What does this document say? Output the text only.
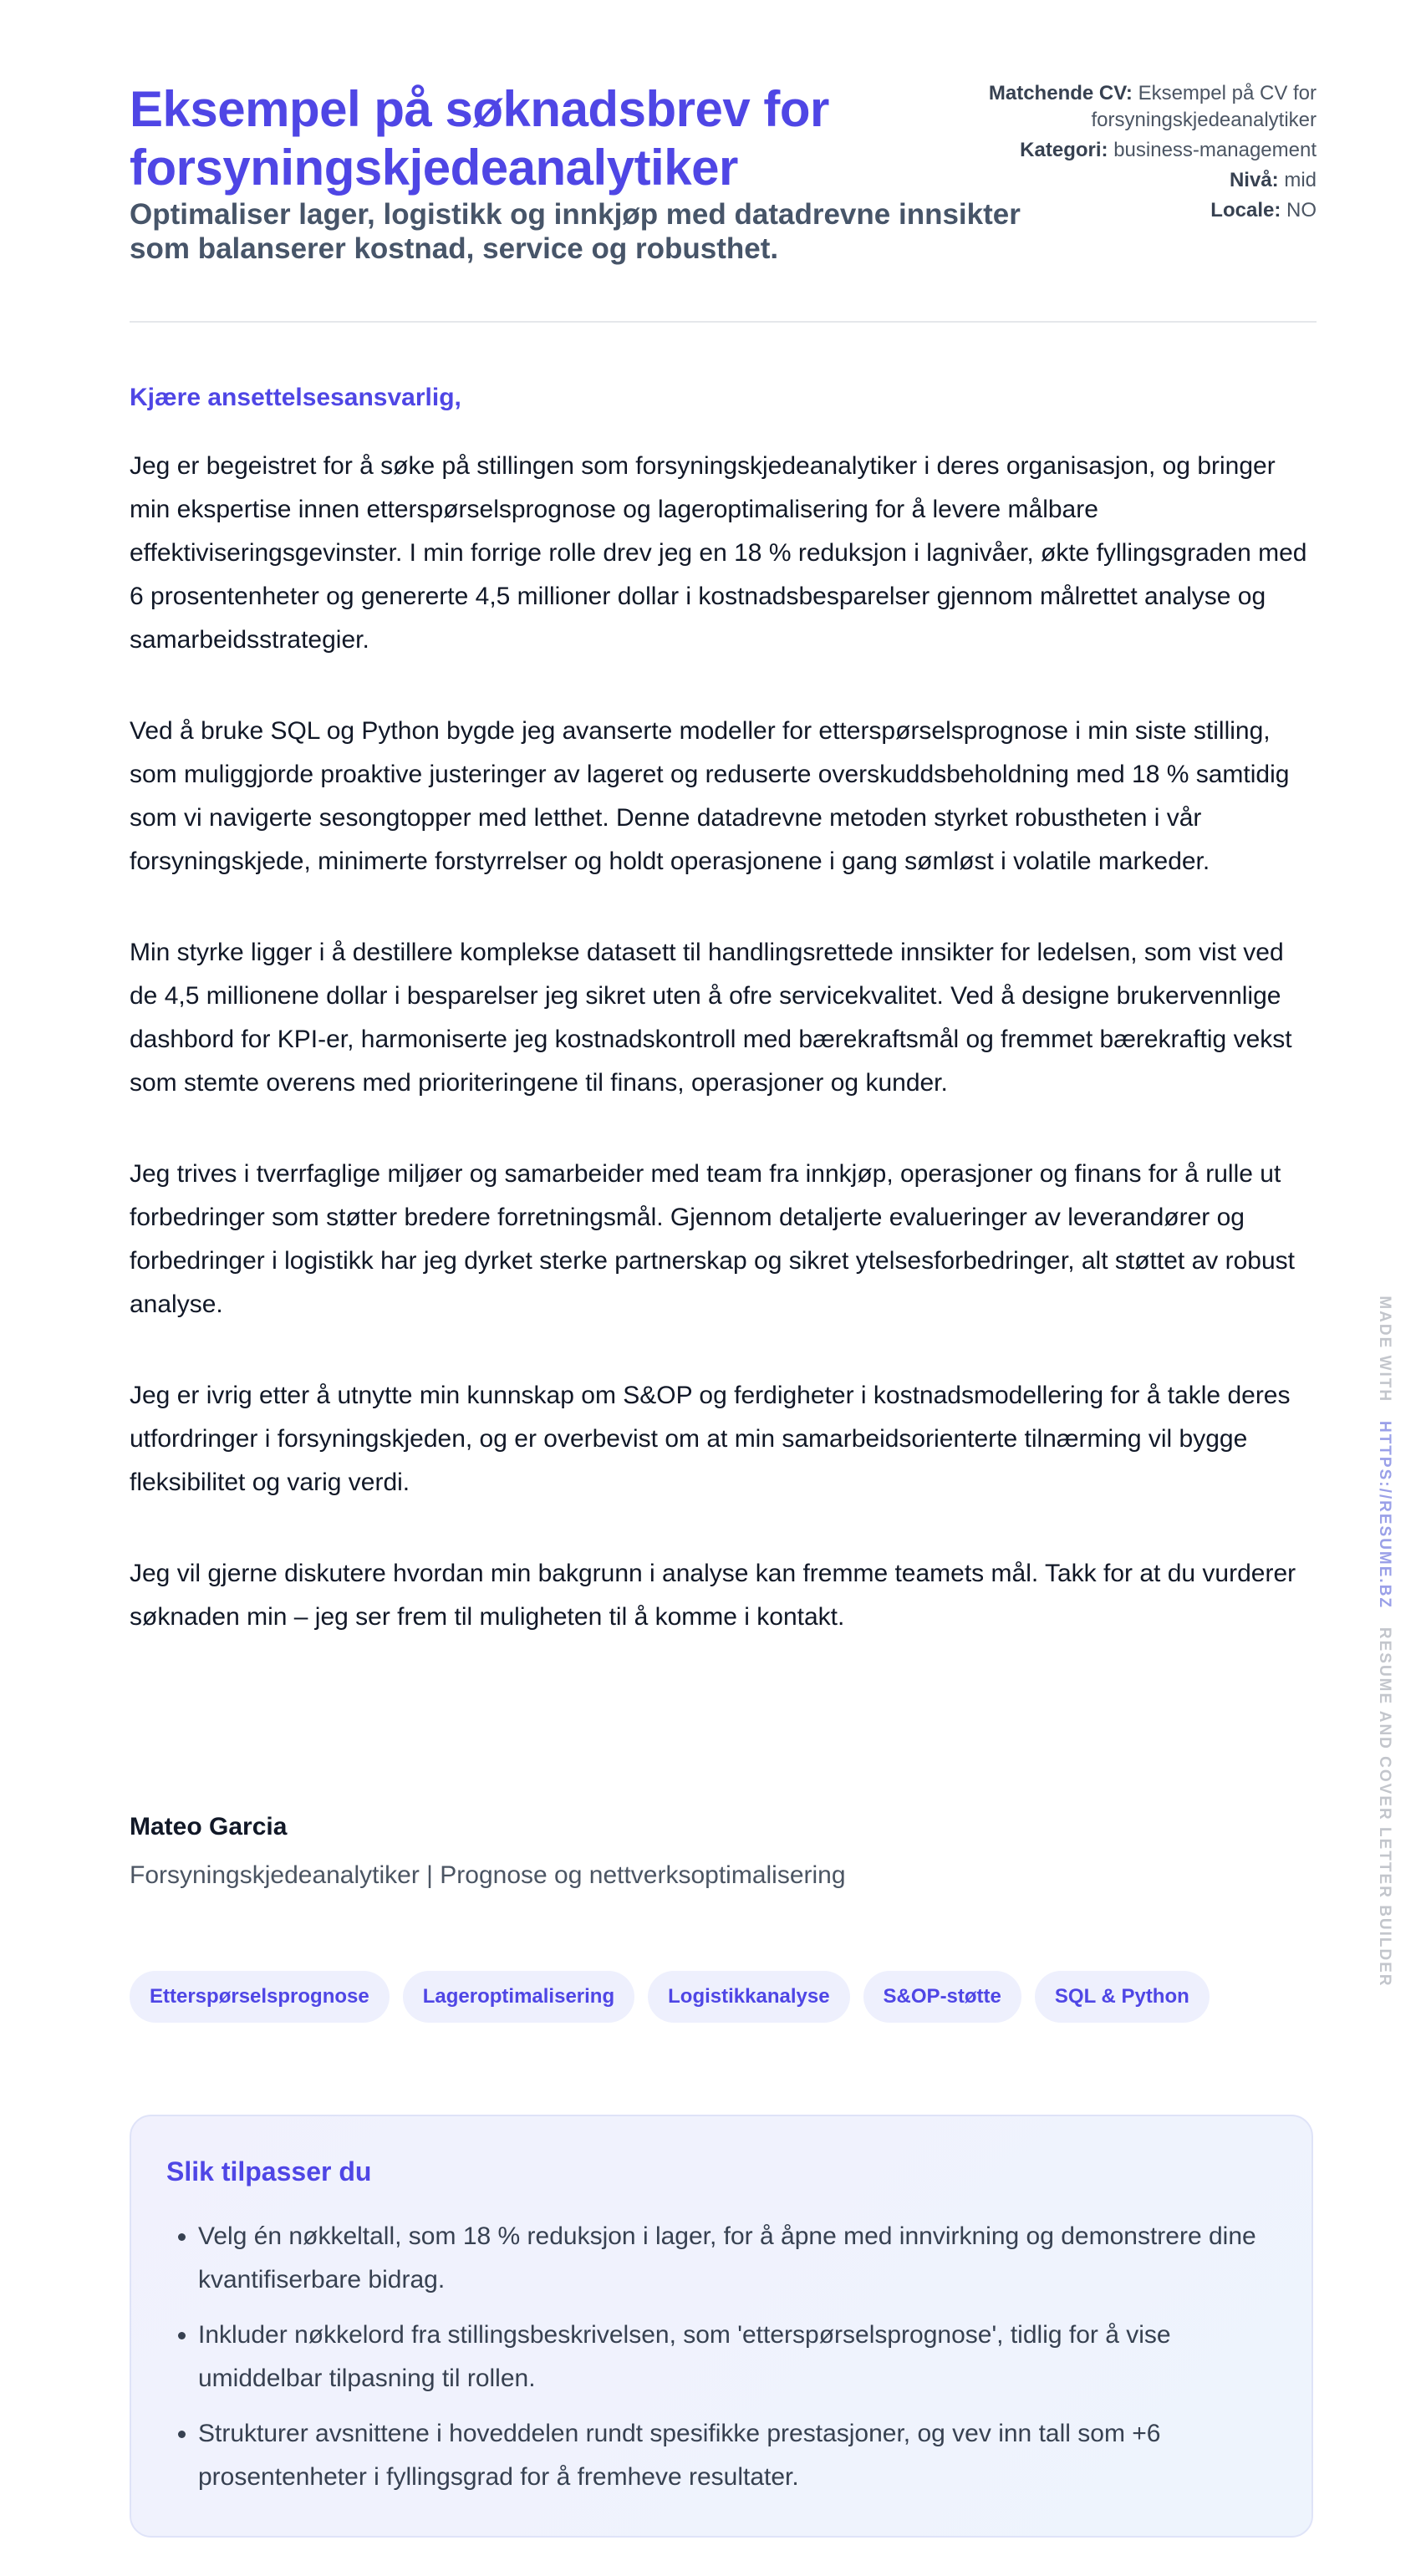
Eksempel på søknadsbrev for forsyningskjedeanalytiker
Optimaliser lager, logistikk og innkjøp med datadrevne innsikter som balanserer kostnad, service og robusthet.
Matchende CV: Eksempel på CV for forsyningskjedeanalytiker
Kategori: business-management
Nivå: mid
Locale: NO
Kjære ansettelsesansvarlig,

Jeg er begeistret for å søke på stillingen som forsyningskjedeanalytiker i deres organisasjon, og bringer min ekspertise innen etterspørselsprognose og lageroptimalisering for å levere målbare effektiviseringsgevinster. I min forrige rolle drev jeg en 18 % reduksjon i lagnivåer, økte fyllingsgraden med 6 prosentenheter og genererte 4,5 millioner dollar i kostnadsbesparelser gjennom målrettet analyse og samarbeidsstrategier.

Ved å bruke SQL og Python bygde jeg avanserte modeller for etterspørselsprognose i min siste stilling, som muliggjorde proaktive justeringer av lageret og reduserte overskuddsbeholdning med 18 % samtidig som vi navigerte sesongtopper med letthet. Denne datadrevne metoden styrket robustheten i vår forsyningskjede, minimerte forstyrrelser og holdt operasjonene i gang sømløst i volatile markeder.

Min styrke ligger i å destillere komplekse datasett til handlingsrettede innsikter for ledelsen, som vist ved de 4,5 millionene dollar i besparelser jeg sikret uten å ofre servicekvalitet. Ved å designe brukervennlige dashbord for KPI-er, harmoniserte jeg kostnadskontroll med bærekraftsmål og fremmet bærekraftig vekst som stemte overens med prioriteringene til finans, operasjoner og kunder.

Jeg trives i tverrfaglige miljøer og samarbeider med team fra innkjøp, operasjoner og finans for å rulle ut forbedringer som støtter bredere forretningsmål. Gjennom detaljerte evalueringer av leverandører og forbedringer i logistikk har jeg dyrket sterke partnerskap og sikret ytelsesforbedringer, alt støttet av robust analyse.

Jeg er ivrig etter å utnytte min kunnskap om S&OP og ferdigheter i kostnadsmodellering for å takle deres utfordringer i forsyningskjeden, og er overbevist om at min samarbeidsorienterte tilnærming vil bygge fleksibilitet og varig verdi.

Jeg vil gjerne diskutere hvordan min bakgrunn i analyse kan fremme teamets mål. Takk for at du vurderer søknaden min – jeg ser frem til muligheten til å komme i kontakt.

Mateo Garcia

Forsyningskjedeanalytiker | Prognose og nettverksoptimalisering

Etterspørselsprognose	Lageroptimalisering	Logistikkanalyse	S&OP-støtte	SQL & Python
Slik tilpasser du
• Velg én nøkkeltall, som 18 % reduksjon i lager, for å åpne med innvirkning og demonstrere dine kvantifiserbare bidrag.
• Inkluder nøkkelord fra stillingsbeskrivelsen, som 'etterspørselsprognose', tidlig for å vise umiddelbar tilpasning til rollen.
• Strukturer avsnittene i hoveddelen rundt spesifikke prestasjoner, og vev inn tall som +6 prosentenheter i fyllingsgrad for å fremheve resultater.
MADE WITH   HTTPS://RESUME.BZ   RESUME AND COVER LETTER BUILDER
